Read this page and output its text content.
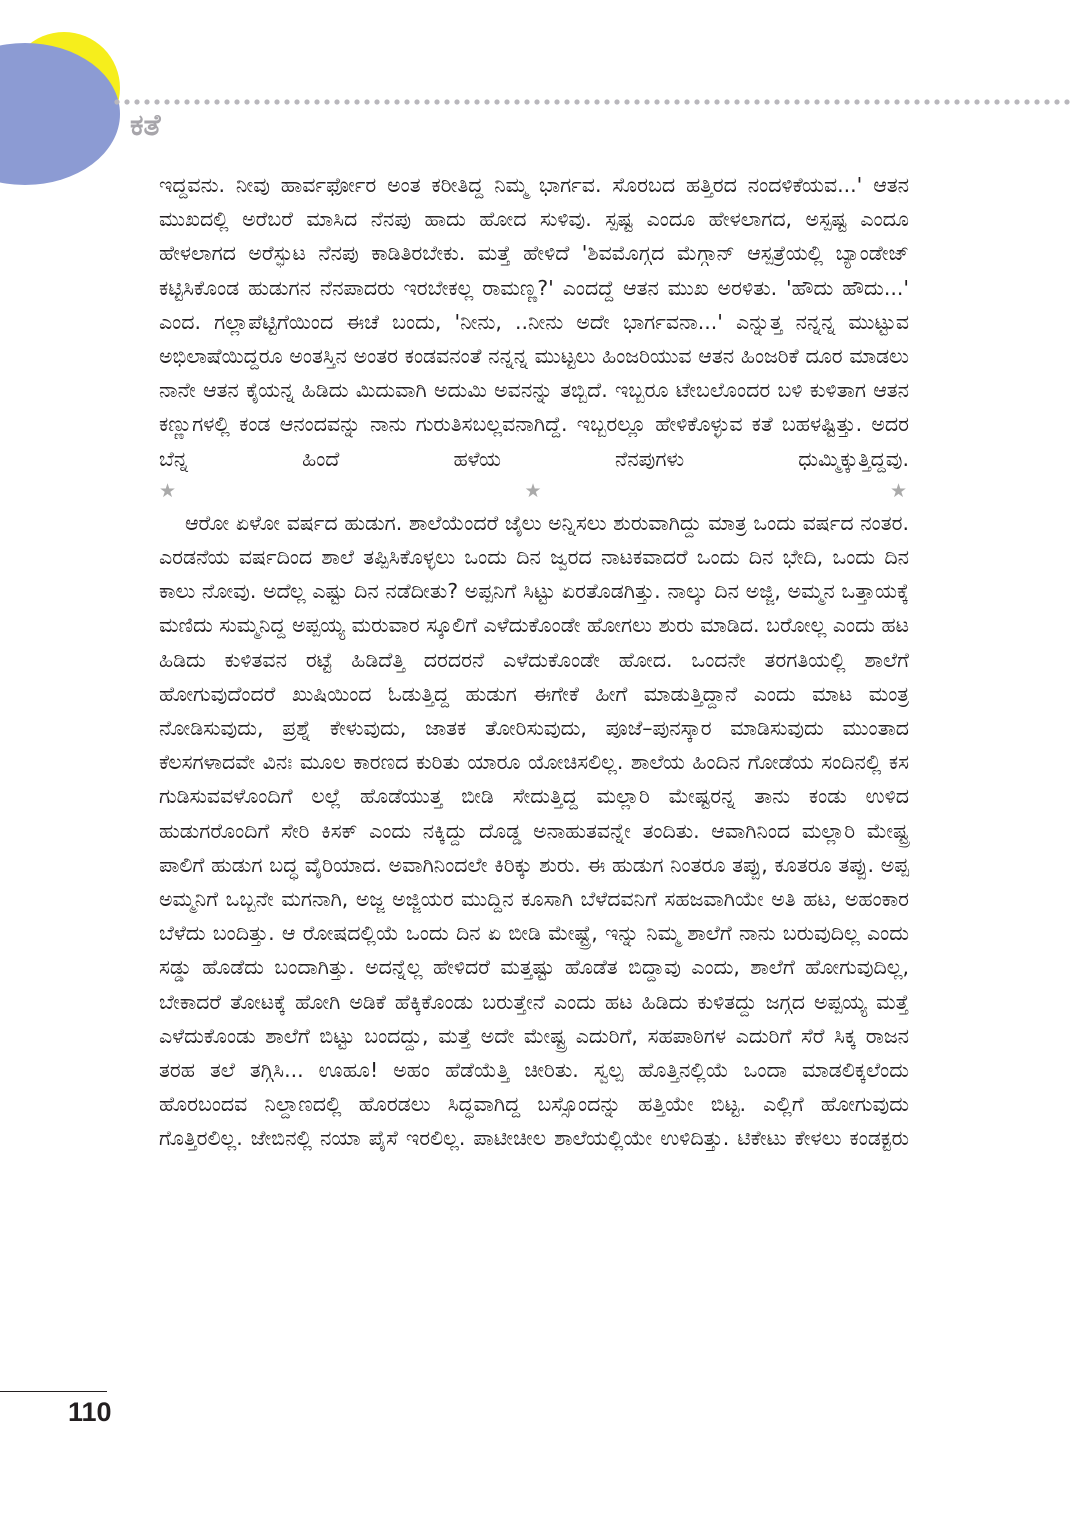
ಕತೆ

ಇದ್ದವನು. ನೀವು ಹಾರ್ವರ್ಫೋರ ಅಂತ ಕರೀತಿದ್ದ ನಿಮ್ಮ ಭಾರ್ಗವ. ಸೊರಬದ ಹತ್ತಿರದ ನಂದಳಿಕೆಯವ...' ಆತನ ಮುಖದಲ್ಲಿ ಅರೆಬರೆ ಮಾಸಿದ ನೆನಪು ಹಾದು ಹೋದ ಸುಳಿವು. ಸ್ಪಷ್ಟ ಎಂದೂ ಹೇಳಲಾಗದ, ಅಸ್ಪಷ್ಟ ಎಂದೂ ಹೇಳಲಾಗದ ಅರೆಸ್ಫುಟ ನೆನಪು ಕಾಡಿತಿರಬೇಕು. ಮತ್ತೆ ಹೇಳಿದೆ 'ಶಿವಮೊಗ್ಗದ ಮೆಗ್ಗಾನ್ ಆಸ್ಪತ್ರೆಯಲ್ಲಿ ಬ್ಯಾಂಡೇಜ್ ಕಟ್ಟಿಸಿಕೊಂಡ ಹುಡುಗನ ನೆನಪಾದರು ಇರಬೇಕಲ್ಲ ರಾಮಣ್ಣ?' ಎಂದದ್ದೆ ಆತನ ಮುಖ ಅರಳಿತು. 'ಹೌದು ಹೌದು...' ಎಂದ. ಗಲ್ಲಾಪೆಟ್ಟಿಗೆಯಿಂದ ಈಚೆ ಬಂದು, 'ನೀನು, ..ನೀನು ಅದೇ ಭಾರ್ಗವನಾ...' ಎನ್ನುತ್ತ ನನ್ನನ್ನ ಮುಟ್ಟುವ ಅಭಿಲಾಷೆಯಿದ್ದರೂ ಅಂತಸ್ತಿನ ಅಂತರ ಕಂಡವನಂತೆ ನನ್ನನ್ನ ಮುಟ್ಟಲು ಹಿಂಜರಿಯುವ ಆತನ ಹಿಂಜರಿಕೆ ದೂರ ಮಾಡಲು ನಾನೇ ಆತನ ಕೈಯನ್ನ ಹಿಡಿದು ಮಿದುವಾಗಿ ಅದುಮಿ ಅವನನ್ನು ತಬ್ಬಿದೆ. ಇಬ್ಬರೂ ಟೇಬಲೊಂದರ ಬಳಿ ಕುಳಿತಾಗ ಆತನ ಕಣ್ಣುಗಳಲ್ಲಿ ಕಂಡ ಆನಂದವನ್ನು ನಾನು ಗುರುತಿಸಬಲ್ಲವನಾಗಿದ್ದೆ. ಇಬ್ಬರಲ್ಲೂ ಹೇಳಿಕೊಳ್ಳುವ ಕತೆ ಬಹಳಷ್ಟಿತ್ತು. ಅದರ ಬೆನ್ನ ಹಿಂದೆ ಹಳೆಯ ನೆನಪುಗಳು ಧುಮ್ಮಿಕ್ಕುತ್ತಿದ್ದವು.

★★★

ಆರೋ ಏಳೋ ವರ್ಷದ ಹುಡುಗ. ಶಾಲೆಯೆಂದರೆ ಜೈಲು ಅನ್ನಿಸಲು ಶುರುವಾಗಿದ್ದು ಮಾತ್ರ ಒಂದು ವರ್ಷದ ನಂತರ. ಎರಡನೆಯ ವರ್ಷದಿಂದ ಶಾಲೆ ತಪ್ಪಿಸಿಕೊಳ್ಳಲು ಒಂದು ದಿನ ಜ್ವರದ ನಾಟಕವಾದರೆ ಒಂದು ದಿನ ಭೇದಿ, ಒಂದು ದಿನ ಕಾಲು ನೋವು. ಅದೆಲ್ಲ ಎಷ್ಟು ದಿನ ನಡೆದೀತು? ಅಪ್ಪನಿಗೆ ಸಿಟ್ಟು ಏರತೊಡಗಿತ್ತು. ನಾಲ್ಕು ದಿನ ಅಜ್ಜಿ, ಅಮ್ಮನ ಒತ್ತಾಯಕ್ಕೆ ಮಣಿದು ಸುಮ್ಮನಿದ್ದ ಅಪ್ಪಯ್ಯ ಮರುವಾರ ಸ್ಕೂಲಿಗೆ ಎಳೆದುಕೊಂಡೇ ಹೋಗಲು ಶುರು ಮಾಡಿದ. ಬರೋಲ್ಲ ಎಂದು ಹಟ ಹಿಡಿದು ಕುಳಿತವನ ರಟ್ಟೆ ಹಿಡಿದೆತ್ತಿ ದರದರನೆ ಎಳೆದುಕೊಂಡೇ ಹೋದ. ಒಂದನೇ ತರಗತಿಯಲ್ಲಿ ಶಾಲೆಗೆ ಹೋಗುವುದೆಂದರೆ ಖುಷಿಯಿಂದ ಓಡುತ್ತಿದ್ದ ಹುಡುಗ ಈಗೇಕೆ ಹೀಗೆ ಮಾಡುತ್ತಿದ್ದಾನೆ ಎಂದು ಮಾಟ ಮಂತ್ರ ನೋಡಿಸುವುದು, ಪ್ರಶ್ನೆ ಕೇಳುವುದು, ಜಾತಕ ತೋರಿಸುವುದು, ಪೂಜೆ–ಪುನಸ್ಕಾರ ಮಾಡಿಸುವುದು ಮುಂತಾದ ಕೆಲಸಗಳಾದವೇ ವಿನಃ ಮೂಲ ಕಾರಣದ ಕುರಿತು ಯಾರೂ ಯೋಚಿಸಲಿಲ್ಲ. ಶಾಲೆಯ ಹಿಂದಿನ ಗೋಡೆಯ ಸಂದಿನಲ್ಲಿ ಕಸ ಗುಡಿಸುವವಳೊಂದಿಗೆ ಲಲ್ಲೆ ಹೊಡೆಯುತ್ತ ಬೀಡಿ ಸೇದುತ್ತಿದ್ದ ಮಲ್ಲಾರಿ ಮೇಷ್ಟರನ್ನ ತಾನು ಕಂಡು ಉಳಿದ ಹುಡುಗರೊಂದಿಗೆ ಸೇರಿ ಕಿಸಕ್ ಎಂದು ನಕ್ಕಿದ್ದು ದೊಡ್ಡ ಅನಾಹುತವನ್ನೇ ತಂದಿತು. ಆವಾಗಿನಿಂದ ಮಲ್ಲಾರಿ ಮೇಷ್ಟ್ರ ಪಾಲಿಗೆ ಹುಡುಗ ಬದ್ಧ ವೈರಿಯಾದ. ಅವಾಗಿನಿಂದಲೇ ಕಿರಿಕ್ಕು ಶುರು. ಈ ಹುಡುಗ ನಿಂತರೂ ತಪ್ಪು, ಕೂತರೂ ತಪ್ಪು. ಅಪ್ಪ ಅಮ್ಮನಿಗೆ ಒಬ್ಬನೇ ಮಗನಾಗಿ, ಅಜ್ಜ ಅಜ್ಜಿಯರ ಮುದ್ದಿನ ಕೂಸಾಗಿ ಬೆಳೆದವನಿಗೆ ಸಹಜವಾಗಿಯೇ ಅತಿ ಹಟ, ಅಹಂಕಾರ ಬೆಳೆದು ಬಂದಿತ್ತು. ಆ ರೋಷದಲ್ಲಿಯೆ ಒಂದು ದಿನ ಏ ಬೀಡಿ ಮೇಷ್ಟ್ರೆ, ಇನ್ನು ನಿಮ್ಮ ಶಾಲೆಗೆ ನಾನು ಬರುವುದಿಲ್ಲ ಎಂದು ಸಡ್ಡು ಹೊಡೆದು ಬಂದಾಗಿತ್ತು. ಅದನ್ನೆಲ್ಲ ಹೇಳಿದರೆ ಮತ್ತಷ್ಟು ಹೊಡೆತ ಬಿದ್ದಾವು ಎಂದು, ಶಾಲೆಗೆ ಹೋಗುವುದಿಲ್ಲ, ಬೇಕಾದರೆ ತೋಟಕ್ಕೆ ಹೋಗಿ ಅಡಿಕೆ ಹೆಕ್ಕಿಕೊಂಡು ಬರುತ್ತೇನೆ ಎಂದು ಹಟ ಹಿಡಿದು ಕುಳಿತದ್ದು ಜಗ್ಗದ ಅಪ್ಪಯ್ಯ ಮತ್ತೆ ಎಳೆದುಕೊಂಡು ಶಾಲೆಗೆ ಬಿಟ್ಟು ಬಂದದ್ದು, ಮತ್ತೆ ಅದೇ ಮೇಷ್ಟ್ರ ಎದುರಿಗೆ, ಸಹಪಾಠಿಗಳ ಎದುರಿಗೆ ಸೆರೆ ಸಿಕ್ಕ ರಾಜನ ತರಹ ತಲೆ ತಗ್ಗಿಸಿ... ಊಹೂ! ಅಹಂ ಹೆಡೆಯೆತ್ತಿ ಚೀರಿತು. ಸ್ವಲ್ಪ ಹೊತ್ತಿನಲ್ಲಿಯೆ ಒಂದಾ ಮಾಡಲಿಕ್ಕಲೆಂದು ಹೊರಬಂದವ ನಿಲ್ದಾಣದಲ್ಲಿ ಹೊರಡಲು ಸಿದ್ಧವಾಗಿದ್ದ ಬಸ್ಸೊಂದನ್ನು ಹತ್ತಿಯೇ ಬಿಟ್ಟ. ಎಲ್ಲಿಗೆ ಹೋಗುವುದು ಗೊತ್ತಿರಲಿಲ್ಲ. ಜೇಬಿನಲ್ಲಿ ನಯಾ ಪೈಸೆ ಇರಲಿಲ್ಲ. ಪಾಟೀಚೀಲ ಶಾಲೆಯಲ್ಲಿಯೇ ಉಳಿದಿತ್ತು. ಟಿಕೇಟು ಕೇಳಲು ಕಂಡಕ್ಟರು

110
